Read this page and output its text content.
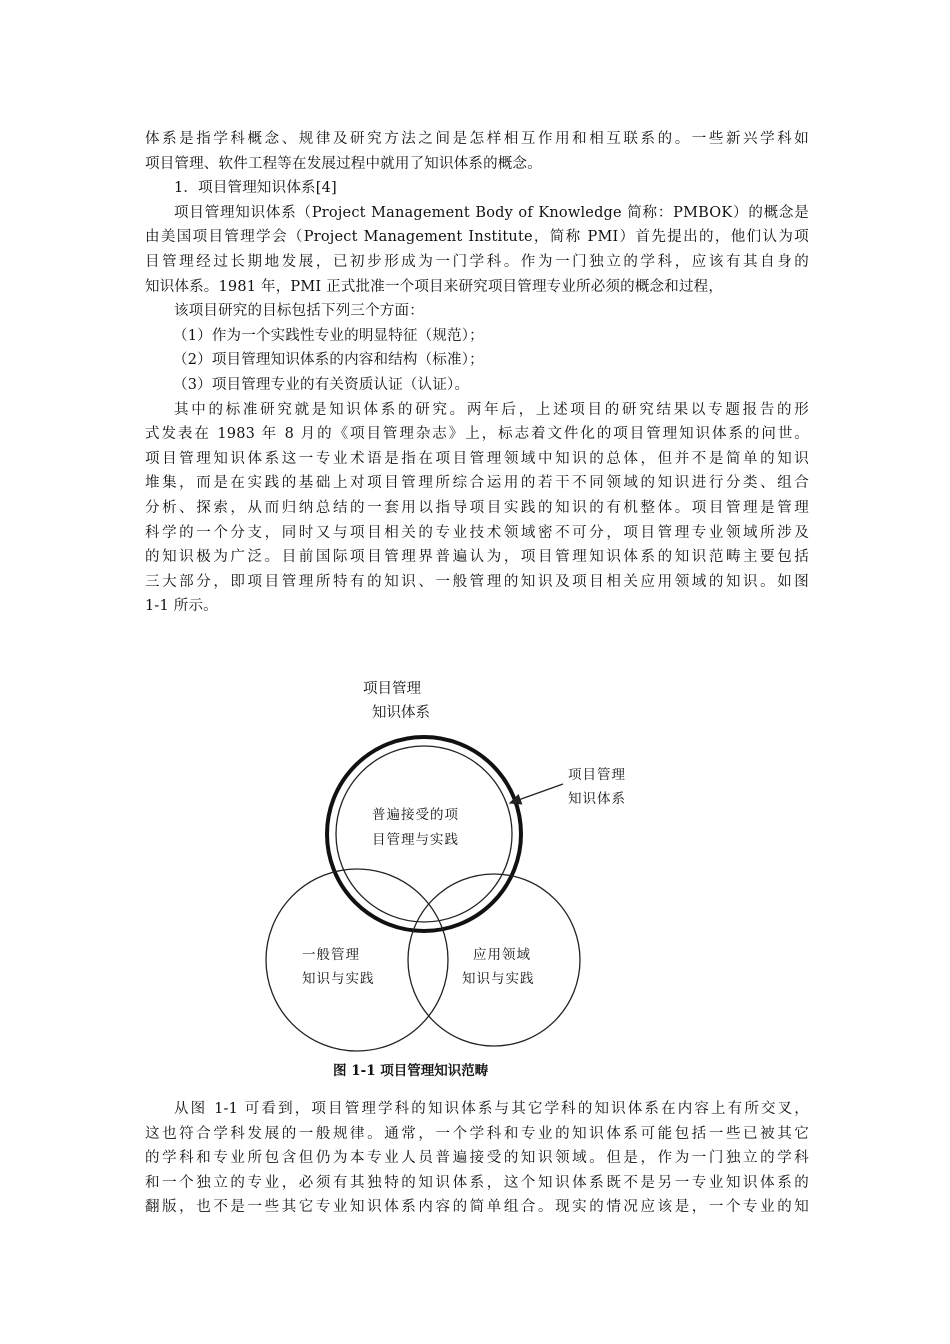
体系是指学科概念、规律及研究方法之间是怎样相互作用和相互联系的。一些新兴学科如
项目管理、软件工程等在发展过程中就用了知识体系的概念。

1．项目管理知识体系[4]

项目管理知识体系（Project Management Body of Knowledge 简称：PMBOK）的概念是
由美国项目管理学会（Project Management Institute，简称 PMI）首先提出的，他们认为项
目管理经过长期地发展，已初步形成为一门学科。作为一门独立的学科，应该有其自身的
知识体系。1981 年，PMI 正式批准一个项目来研究项目管理专业所必须的概念和过程，

该项目研究的目标包括下列三个方面：

（1）作为一个实践性专业的明显特征（规范）；

（2）项目管理知识体系的内容和结构（标准）；

（3）项目管理专业的有关资质认证（认证）。

其中的标准研究就是知识体系的研究。两年后，上述项目的研究结果以专题报告的形
式发表在 1983 年 8 月的《项目管理杂志》上，标志着文件化的项目管理知识体系的问世。
项目管理知识体系这一专业术语是指在项目管理领域中知识的总体，但并不是简单的知识
堆集，而是在实践的基础上对项目管理所综合运用的若干不同领域的知识进行分类、组合
分析、探索，从而归纳总结的一套用以指导项目实践的知识的有机整体。项目管理是管理
科学的一个分支，同时又与项目相关的专业技术领域密不可分，项目管理专业领域所涉及
的知识极为广泛。目前国际项目管理界普遍认为，项目管理知识体系的知识范畴主要包括
三大部分，即项目管理所特有的知识、一般管理的知识及项目相关应用领域的知识。如图
1-1 所示。

项目管理
知识体系
项目管理
知识体系
普遍接受的项
目管理与实践
一般管理
知识与实践
应用领域
知识与实践
图 1-1 项目管理知识范畴

从图 1-1 可看到，项目管理学科的知识体系与其它学科的知识体系在内容上有所交叉，
这也符合学科发展的一般规律。通常，一个学科和专业的知识体系可能包括一些已被其它
的学科和专业所包含但仍为本专业人员普遍接受的知识领域。但是，作为一门独立的学科
和一个独立的专业，必须有其独特的知识体系，这个知识体系既不是另一专业知识体系的
翻版，也不是一些其它专业知识体系内容的简单组合。现实的情况应该是，一个专业的知
